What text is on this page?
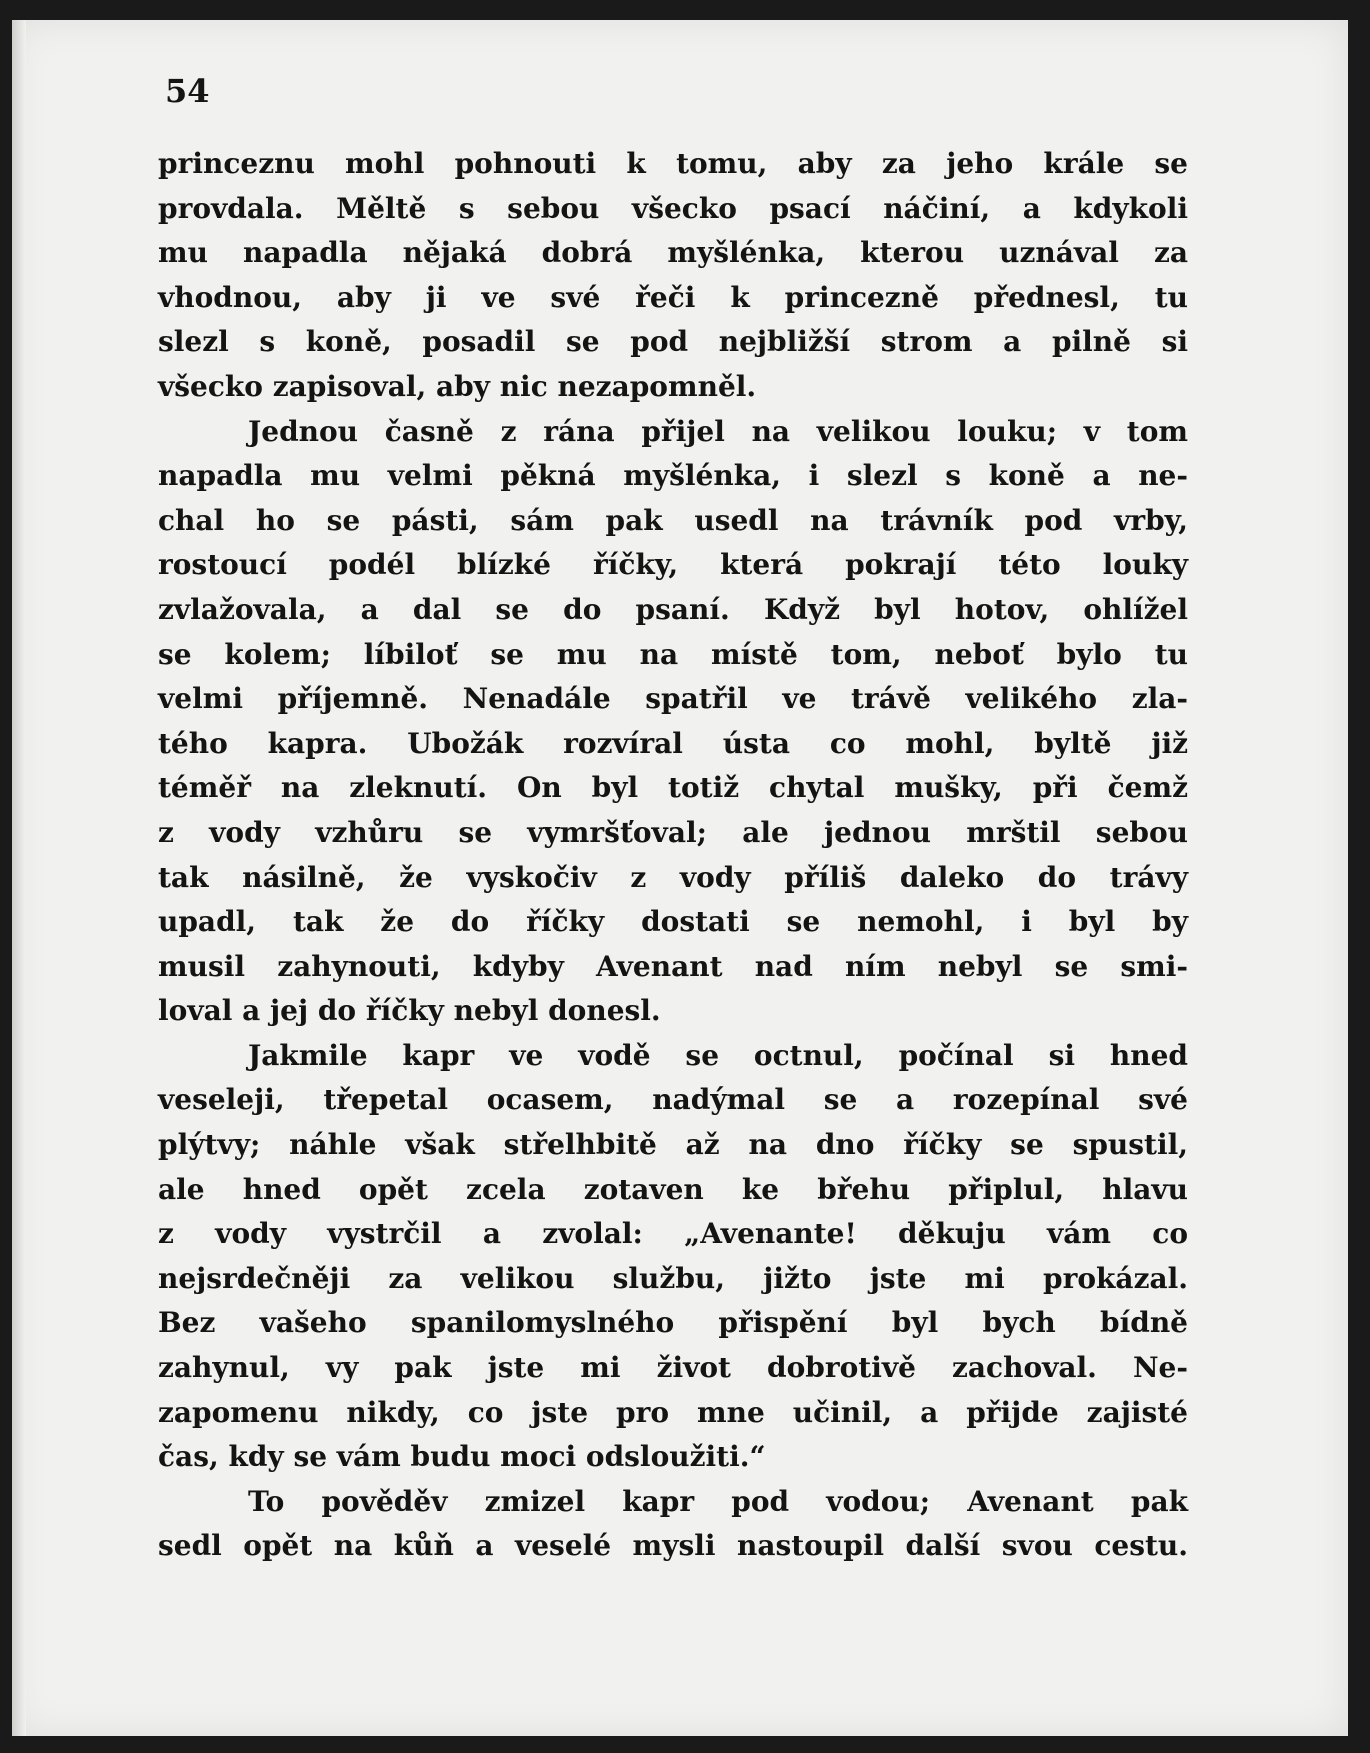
54
princeznu mohl pohnouti k tomu, aby za jeho krále se
provdala. Měltě s sebou všecko psací náčiní, a kdykoli
mu napadla nějaká dobrá myšlénka, kterou uznával za
vhodnou, aby ji ve své řeči k princezně přednesl, tu
slezl s koně, posadil se pod nejbližší strom a pilně si
všecko zapisoval, aby nic nezapomněl.
Jednou časně z rána přijel na velikou louku; v tom
napadla mu velmi pěkná myšlénka, i slezl s koně a ne-
chal ho se pásti, sám pak usedl na trávník pod vrby,
rostoucí podél blízké říčky, která pokrají této louky
zvlažovala, a dal se do psaní. Když byl hotov, ohlížel
se kolem; líbiloť se mu na místě tom, neboť bylo tu
velmi příjemně. Nenadále spatřil ve trávě velikého zla-
tého kapra. Ubožák rozvíral ústa co mohl, byltě již
téměř na zleknutí. On byl totiž chytal mušky, při čemž
z vody vzhůru se vymršťoval; ale jednou mrštil sebou
tak násilně, že vyskočiv z vody příliš daleko do trávy
upadl, tak že do říčky dostati se nemohl, i byl by
musil zahynouti, kdyby Avenant nad ním nebyl se smi-
loval a jej do říčky nebyl donesl.
Jakmile kapr ve vodě se octnul, počínal si hned
veseleji, třepetal ocasem, nadýmal se a rozepínal své
plýtvy; náhle však střelhbitě až na dno říčky se spustil,
ale hned opět zcela zotaven ke břehu připlul, hlavu
z vody vystrčil a zvolal: „Avenante! děkuju vám co
nejsrdečněji za velikou službu, jižto jste mi prokázal.
Bez vašeho spanilomyslného přispění byl bych bídně
zahynul, vy pak jste mi život dobrotivě zachoval. Ne-
zapomenu nikdy, co jste pro mne učinil, a přijde zajisté
čas, kdy se vám budu moci odsloužiti.“
To pověděv zmizel kapr pod vodou; Avenant pak
sedl opět na kůň a veselé mysli nastoupil další svou cestu.
